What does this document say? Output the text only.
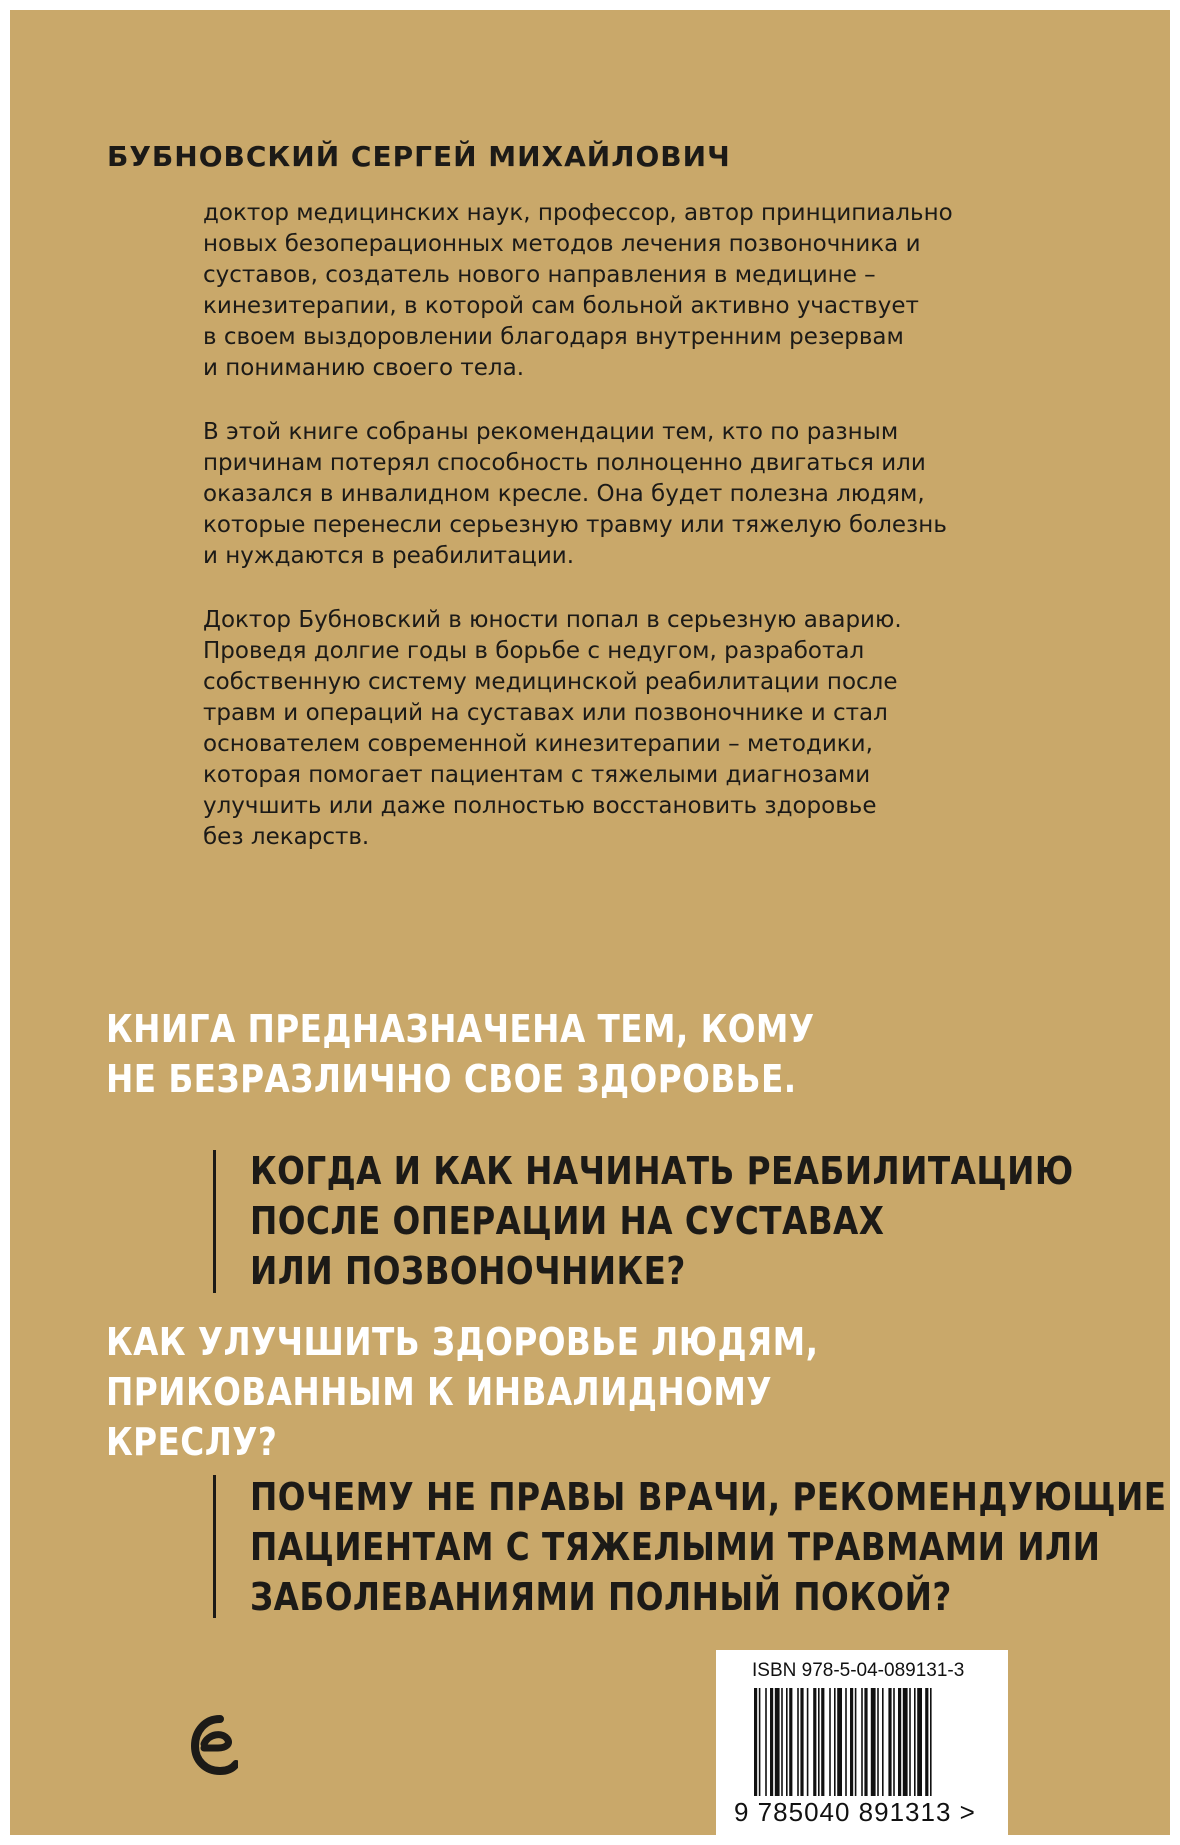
БУБНОВСКИЙ СЕРГЕЙ МИХАЙЛОВИЧ
доктор медицинских наук, профессор, автор принципиально
новых безоперационных методов лечения позвоночника и
суставов, создатель нового направления в медицине –
кинезитерапии, в которой сам больной активно участвует
в своем выздоровлении благодаря внутренним резервам
и пониманию своего тела.
В этой книге собраны рекомендации тем, кто по разным
причинам потерял способность полноценно двигаться или
оказался в инвалидном кресле. Она будет полезна людям,
которые перенесли серьезную травму или тяжелую болезнь
и нуждаются в реабилитации.
Доктор Бубновский в юности попал в серьезную аварию.
Проведя долгие годы в борьбе с недугом, разработал
собственную систему медицинской реабилитации после
травм и операций на суставах или позвоночнике и стал
основателем современной кинезитерапии – методики,
которая помогает пациентам с тяжелыми диагнозами
улучшить или даже полностью восстановить здоровье
без лекарств.
КНИГА ПРЕДНАЗНАЧЕНА ТЕМ, КОМУ
НЕ БЕЗРАЗЛИЧНО СВОЕ ЗДОРОВЬЕ.
КОГДА И КАК НАЧИНАТЬ РЕАБИЛИТАЦИЮ
ПОСЛЕ ОПЕРАЦИИ НА СУСТАВАХ
ИЛИ ПОЗВОНОЧНИКЕ?
КАК УЛУЧШИТЬ ЗДОРОВЬЕ ЛЮДЯМ,
ПРИКОВАННЫМ К ИНВАЛИДНОМУ
КРЕСЛУ?
ПОЧЕМУ НЕ ПРАВЫ ВРАЧИ, РЕКОМЕНДУЮЩИЕ
ПАЦИЕНТАМ С ТЯЖЕЛЫМИ ТРАВМАМИ ИЛИ
ЗАБОЛЕВАНИЯМИ ПОЛНЫЙ ПОКОЙ?

ISBN 978-5-04-089131-3

9 785040 891313 >
